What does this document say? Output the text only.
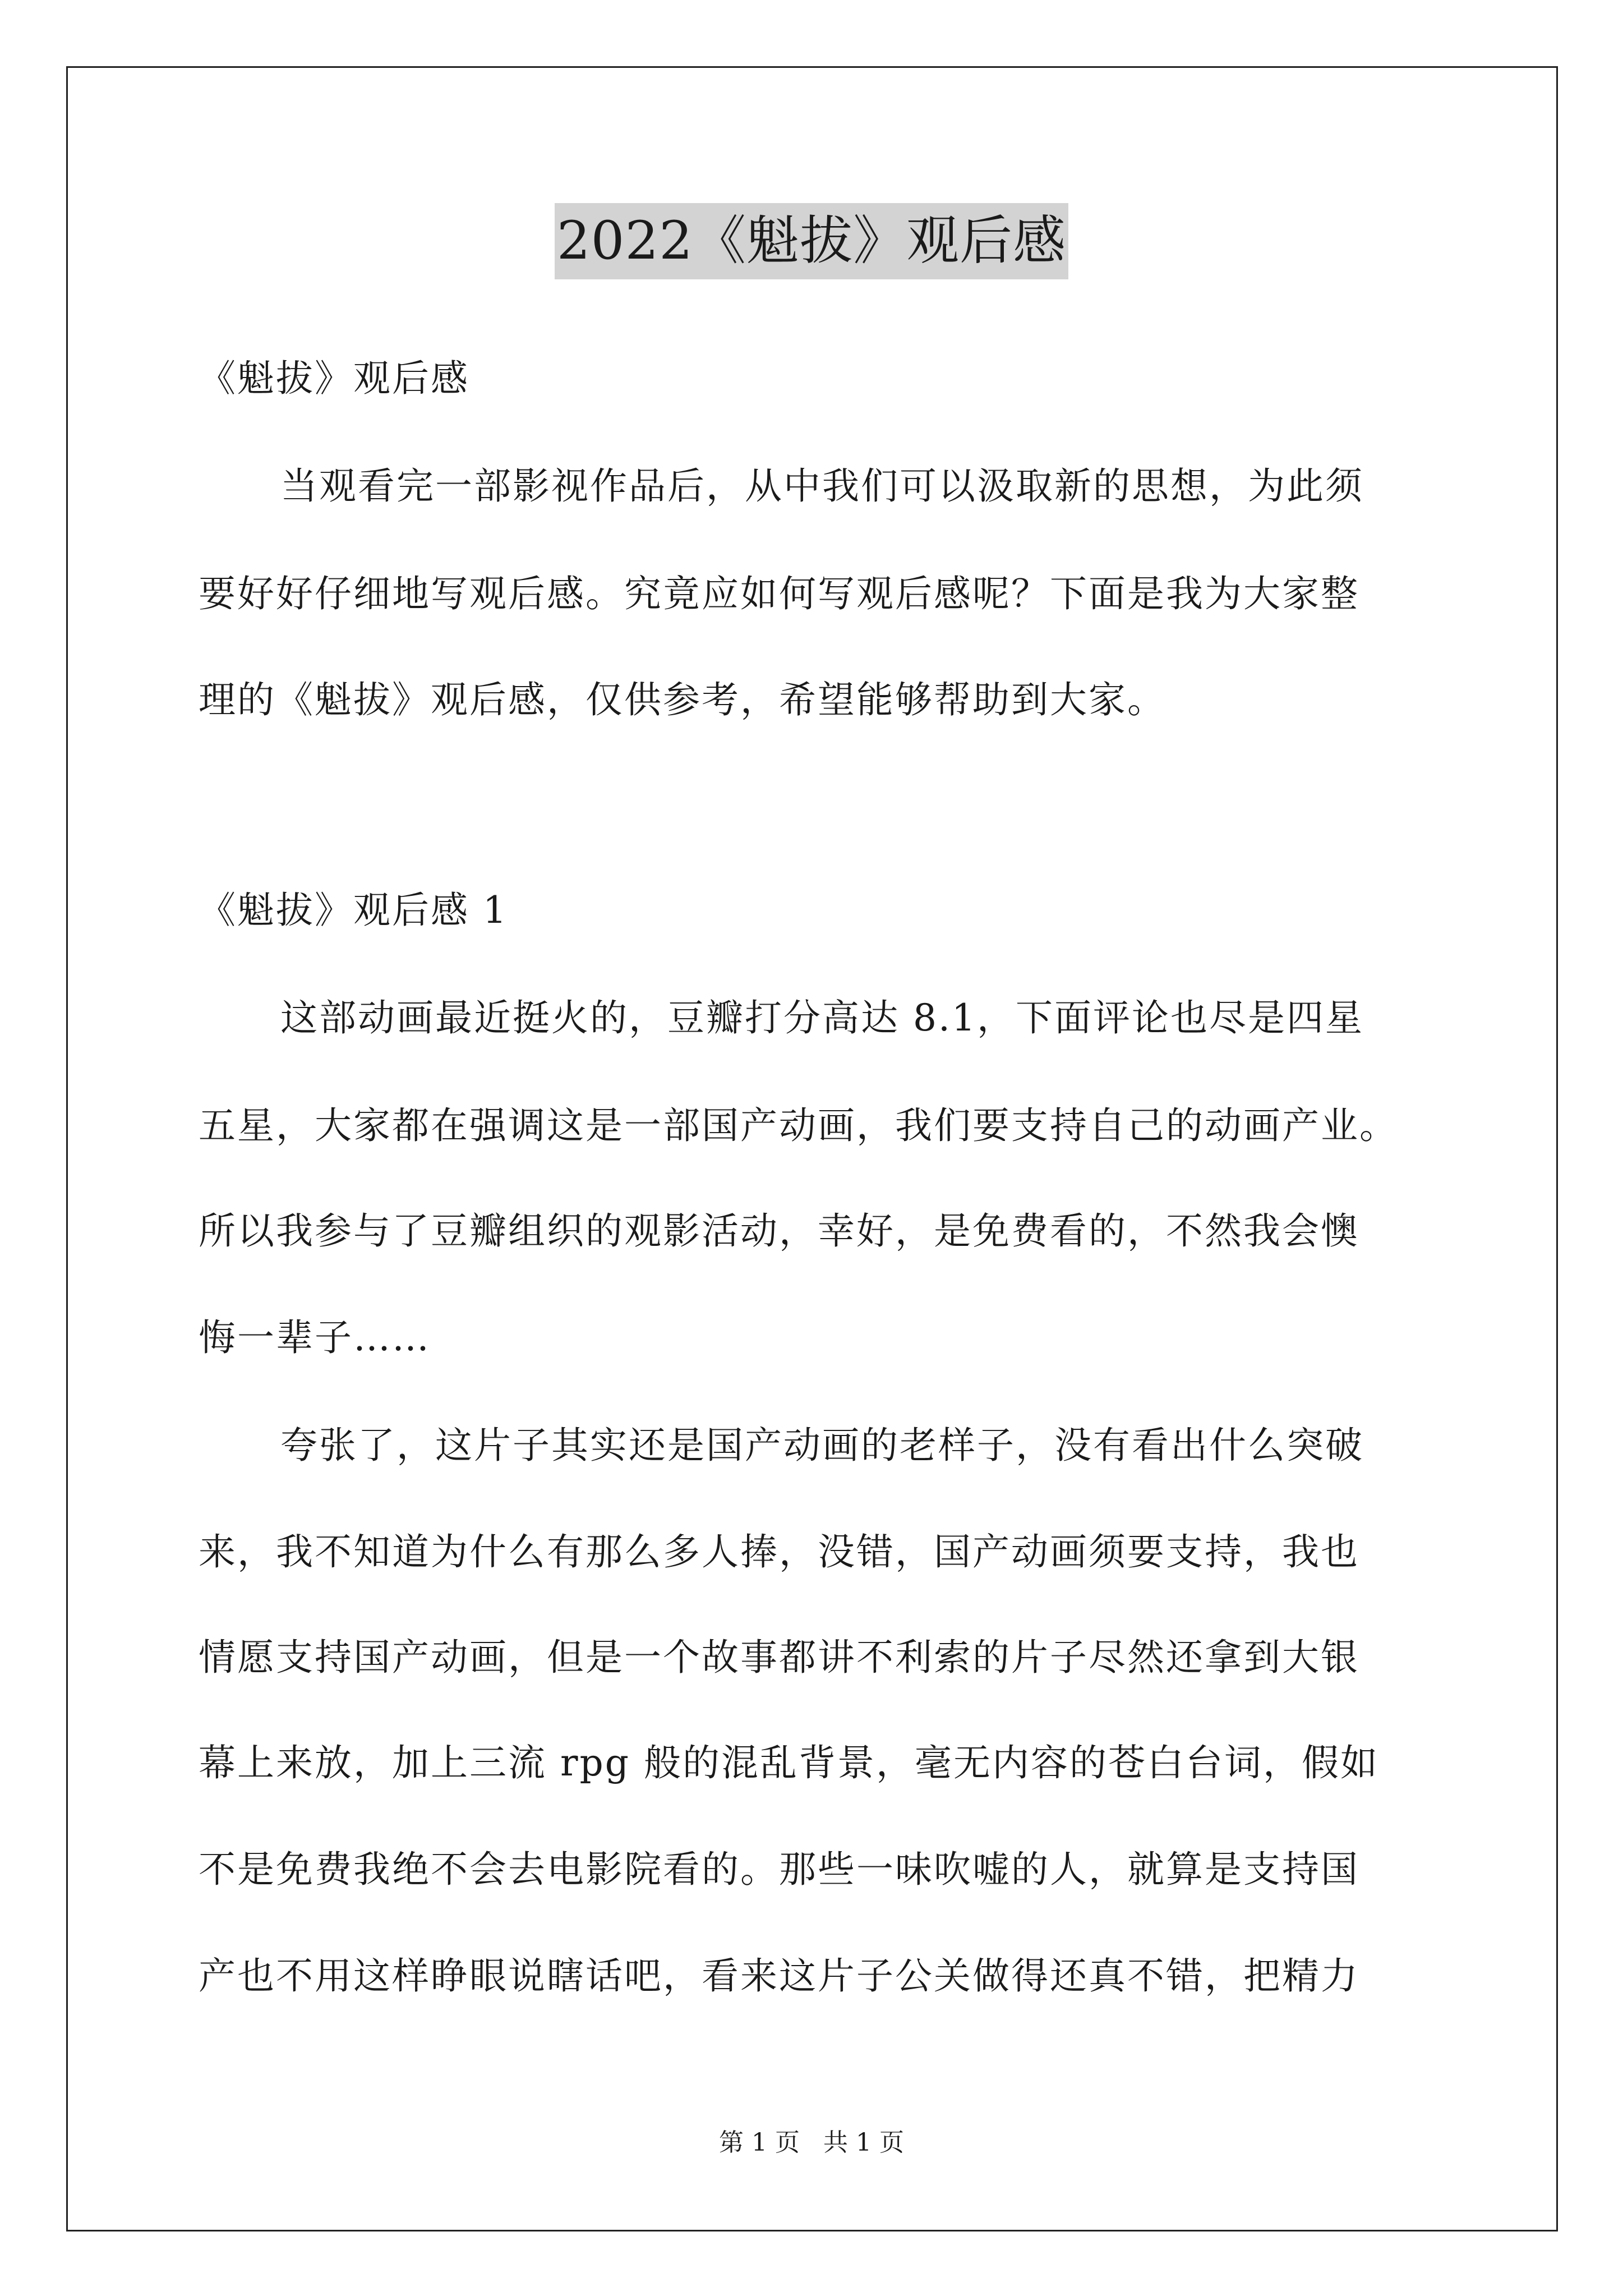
2022《魁拔》观后感
《魁拔》观后感
当观看完一部影视作品后，从中我们可以汲取新的思想，为此须
要好好仔细地写观后感。究竟应如何写观后感呢？下面是我为大家整
理的《魁拔》观后感，仅供参考，希望能够帮助到大家。
《魁拔》观后感 1
这部动画最近挺火的，豆瓣打分高达 8.1，下面评论也尽是四星
五星，大家都在强调这是一部国产动画，我们要支持自己的动画产业。
所以我参与了豆瓣组织的观影活动，幸好，是免费看的，不然我会懊
悔一辈子……
夸张了，这片子其实还是国产动画的老样子，没有看出什么突破
来，我不知道为什么有那么多人捧，没错，国产动画须要支持，我也
情愿支持国产动画，但是一个故事都讲不利索的片子尽然还拿到大银
幕上来放，加上三流 rpg 般的混乱背景，毫无内容的苍白台词，假如
不是免费我绝不会去电影院看的。那些一味吹嘘的人，就算是支持国
产也不用这样睁眼说瞎话吧，看来这片子公关做得还真不错，把精力
第 1 页   共 1 页
